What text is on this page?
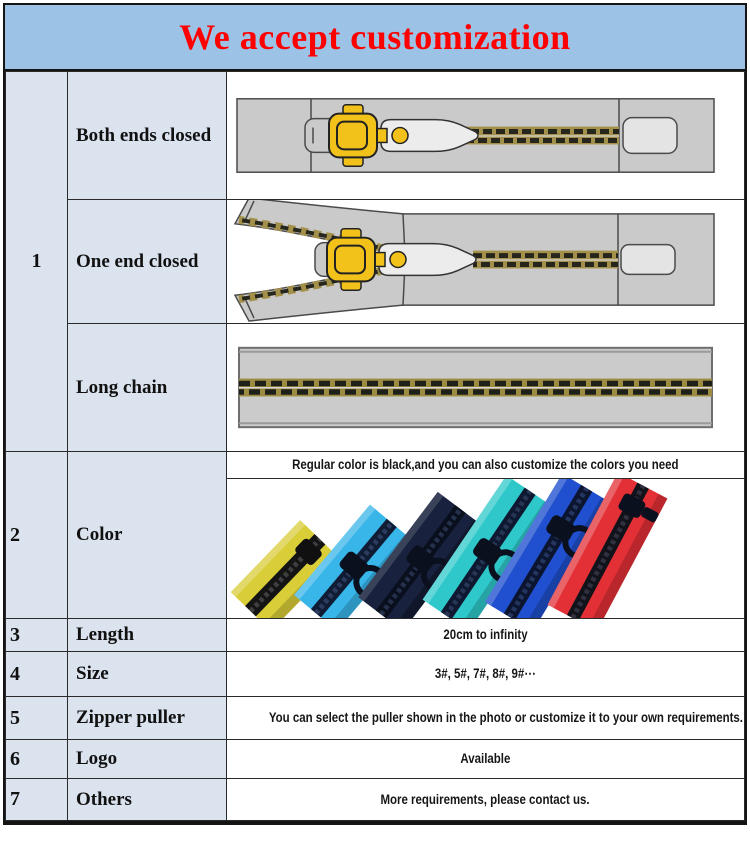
We accept customization
1	Both ends closed	

	One end closed	

	Long chain	

2	Color	Regular color is black,and you can also customize the colors you need

3	Length	20cm to infinity
4	Size	3#, 5#, 7#, 8#, 9#⋯
5	Zipper puller	You can select the puller shown in the photo or customize it to your own requirements.
6	Logo	Available
7	Others	More requirements, please contact us.
